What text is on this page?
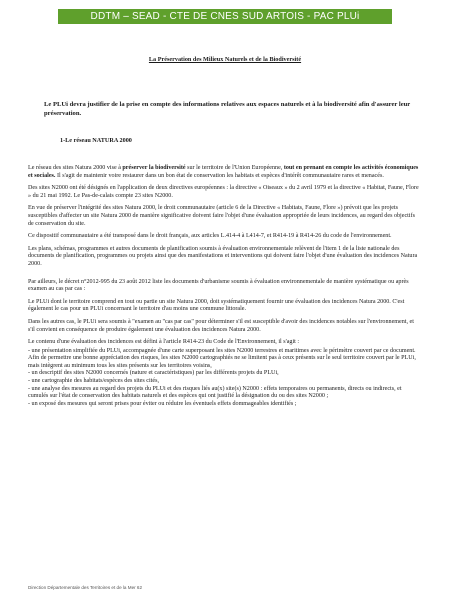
DDTM – SEAD - CTE DE CNES SUD ARTOIS - PAC PLUi
La Préservation des Milieux Naturels et de la Biodiversité
Le PLUi devra justifier de la prise en compte des informations relatives aux espaces naturels et à la biodiversité afin d'assurer leur préservation.
1-Le réseau NATURA 2000

Le réseau des sites Natura 2000 vise à préserver la biodiversité sur le territoire de l'Union Européenne, tout en prenant en compte les activités économiques et sociales. Il s'agit de maintenir voire restaurer dans un bon état de conservation les habitats et espèces d'intérêt communautaire rares et menacés.

Des sites N2000 ont été désignés en l'application de deux directives européennes : la directive « Oiseaux » du 2 avril 1979 et la directive « Habitat, Faune, Flore » du 21 mai 1992. Le Pas-de-calais compte 23 sites N2000.

En vue de préserver l'intégrité des sites Natura 2000, le droit communautaire (article 6 de la Directive « Habitats, Faune, Flore ») prévoit que les projets susceptibles d'affecter un site Natura 2000 de manière significative doivent faire l'objet d'une évaluation appropriée de leurs incidences, au regard des objectifs de conservation du site.

Ce dispositif communautaire a été transposé dans le droit français, aux articles L.414-4 à L414-7, et R414-19 à R414-26 du code de l'environnement.

Les plans, schémas, programmes et autres documents de planification soumis à évaluation environnementale relèvent de l'item 1 de la liste nationale des documents de planification, programmes ou projets ainsi que des manifestations et interventions qui doivent faire l'objet d'une évaluation des incidences Natura 2000.

Par ailleurs, le décret n°2012-995 du 23 août 2012 liste les documents d'urbanisme soumis à évaluation environnementale de manière systématique ou après examen au cas par cas :

Le PLUi dont le territoire comprend en tout ou partie un site Natura 2000, doit systématiquement fournir une évaluation des incidences Natura 2000. C'est également le cas pour un PLUi concernant le territoire d'au moins une commune littorale.

Dans les autres cas, le PLUi sera soumis à "examen au "cas par cas" pour déterminer s'il est susceptible d'avoir des incidences notables sur l'environnement, et s'il convient en conséquence de produire également une évaluation des incidences Natura 2000.

Le contenu d'une évaluation des incidences est défini à l'article R414-23 du Code de l'Environnement, il s'agit :

- une présentation simplifiée du PLUi, accompagnée d'une carte superposant les sites N2000 terrestres et maritimes avec le périmètre couvert par ce document. Afin de permettre une bonne appréciation des risques, les sites N2000 cartographiés ne se limitent pas à ceux présents sur le seul territoire couvert par le PLUi, mais intègrent au minimum tous les sites présents sur les territoires voisins,
- un descriptif des sites N2000 concernés (nature et caractéristiques) par les différents projets du PLUi,
- une cartographie des habitats/espèces des sites cités,
- une analyse des mesures au regard des projets du PLUi et des risques liés au(x) site(s) N2000 : effets temporaires ou permanents, directs ou indirects, et cumulés sur l'état de conservation des habitats naturels et des espèces qui ont justifié la désignation du ou des sites N2000 ;
- un exposé des mesures qui seront prises pour éviter ou réduire les éventuels effets dommageables identifiés ;
Direction Départementale des Territoires et de la Mer 62
